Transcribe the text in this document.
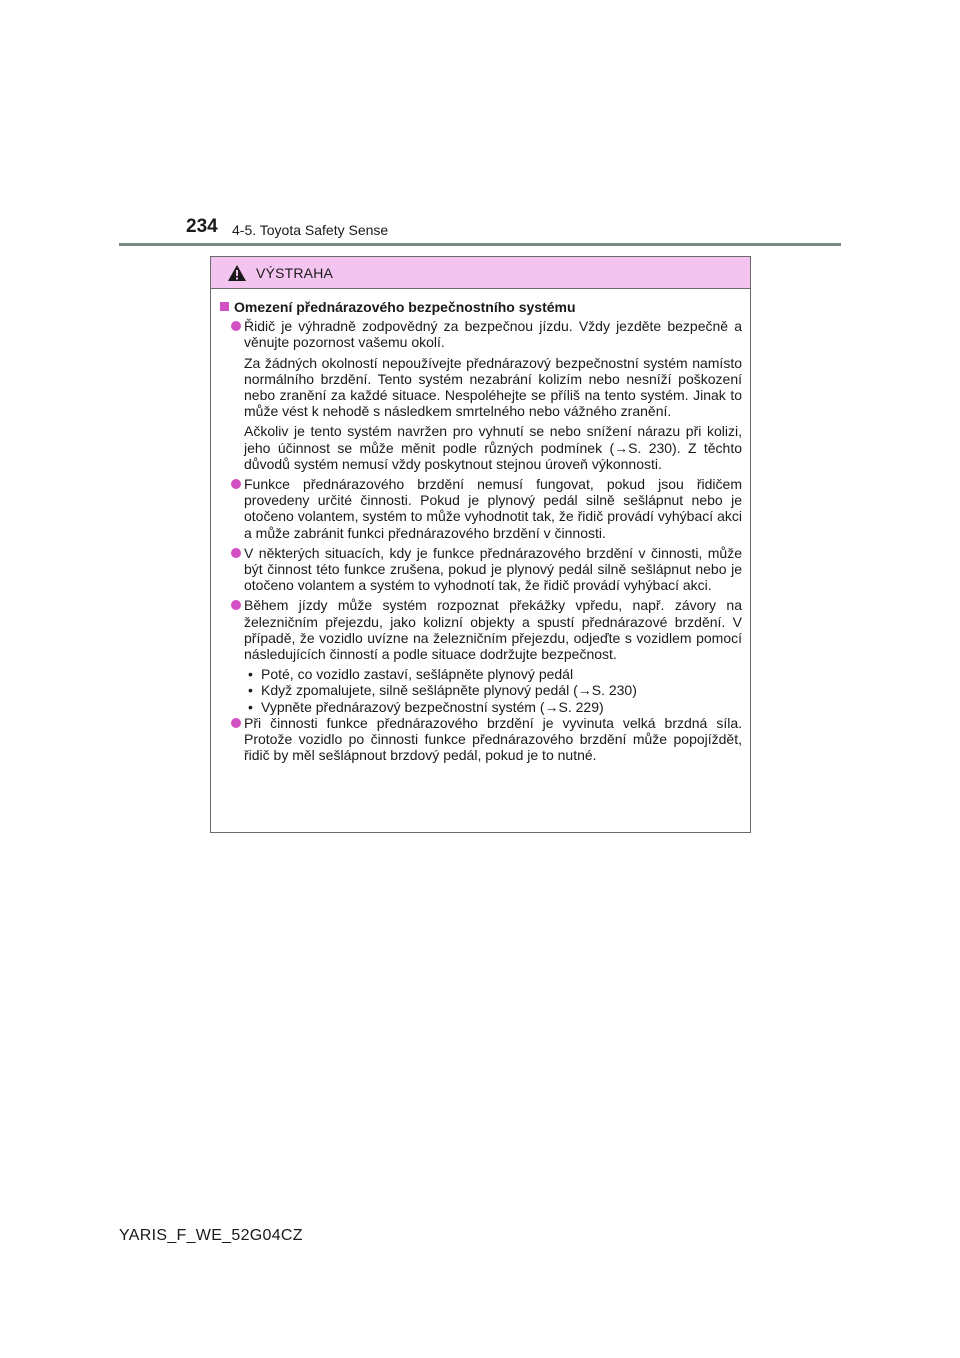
234 4-5. Toyota Safety Sense
VÝSTRAHA
Omezení přednárazového bezpečnostního systému
Řidič je výhradně zodpovědný za bezpečnou jízdu. Vždy jezděte bezpečně a věnujte pozornost vašemu okolí.
Za žádných okolností nepoužívejte přednárazový bezpečnostní systém namísto normálního brzdění. Tento systém nezabrání kolizím nebo nesníží poškození nebo zranění za každé situace. Nespoléhejte se příliš na tento systém. Jinak to může vést k nehodě s následkem smrtelného nebo vážného zranění.
Ačkoliv je tento systém navržen pro vyhnutí se nebo snížení nárazu při kolizi, jeho účinnost se může měnit podle různých podmínek (→S. 230). Z těchto důvodů systém nemusí vždy poskytnout stejnou úroveň výkonnosti.
Funkce přednárazového brzdění nemusí fungovat, pokud jsou řidičem provedeny určité činnosti. Pokud je plynový pedál silně sešlápnut nebo je otočeno volantem, systém to může vyhodnotit tak, že řidič provádí vyhýbací akci a může zabránit funkci přednárazového brzdění v činnosti.
V některých situacích, kdy je funkce přednárazového brzdění v činnosti, může být činnost této funkce zrušena, pokud je plynový pedál silně sešlápnut nebo je otočeno volantem a systém to vyhodnotí tak, že řidič provádí vyhýbací akci.
Během jízdy může systém rozpoznat překážky vpředu, např. závory na železničním přejezdu, jako kolizní objekty a spustí přednárazové brzdění. V případě, že vozidlo uvízne na železničním přejezdu, odjeďte s vozidlem pomocí následujících činností a podle situace dodržujte bezpečnost.
• Poté, co vozidlo zastaví, sešlápněte plynový pedál
• Když zpomalujete, silně sešlápněte plynový pedál (→S. 230)
• Vypněte přednárazový bezpečnostní systém (→S. 229)
Při činnosti funkce přednárazového brzdění je vyvinuta velká brzdná síla. Protože vozidlo po činnosti funkce přednárazového brzdění může popojíždět, řidič by měl sešlápnout brzdový pedál, pokud je to nutné.
YARIS_F_WE_52G04CZ
